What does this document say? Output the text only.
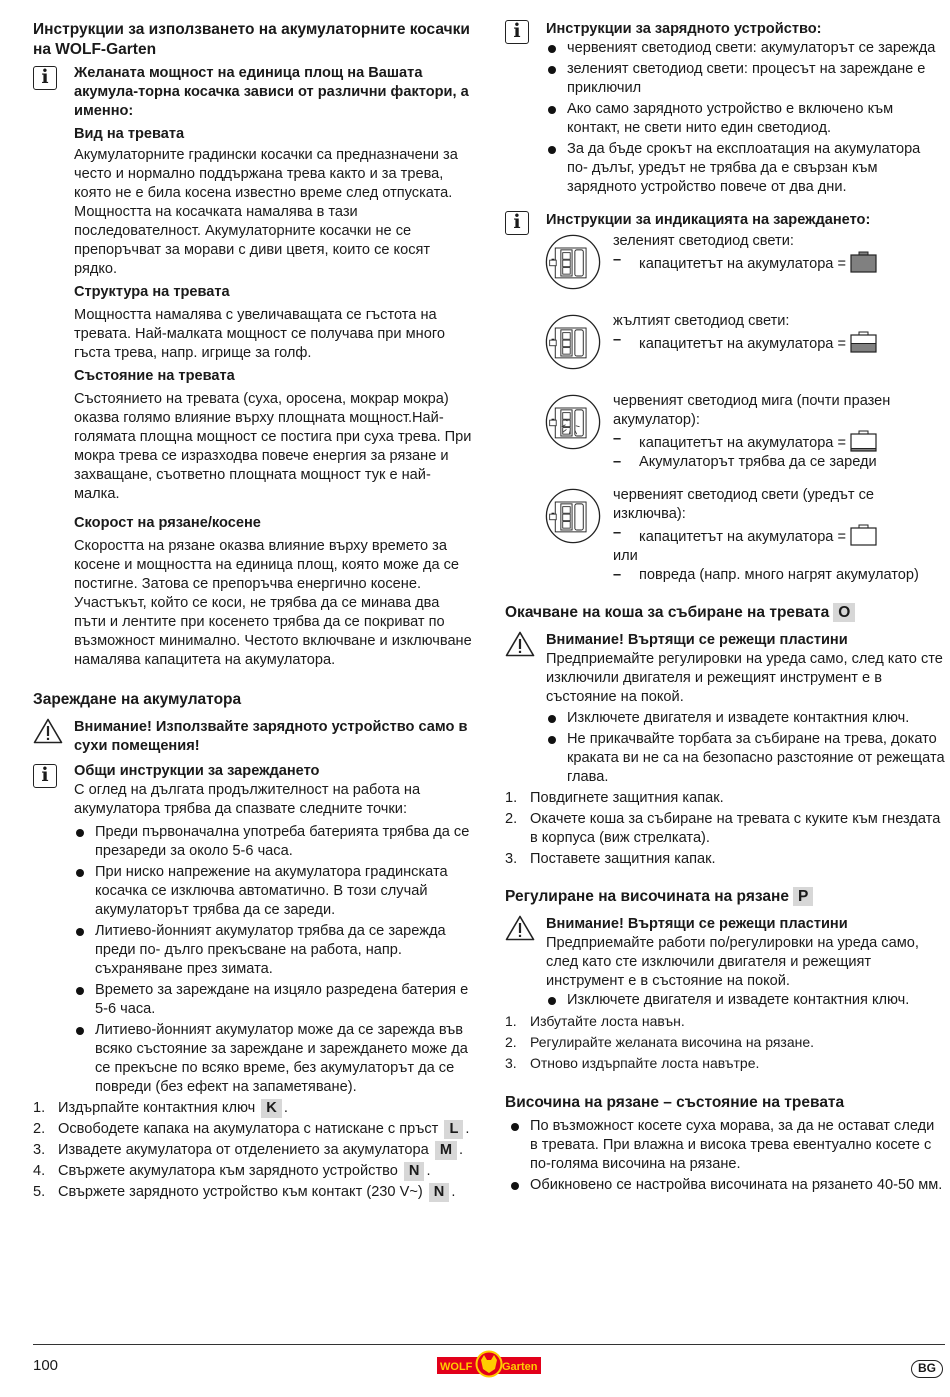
Инструкции за използването на акумулаторните косачки на WOLF-Garten

i	Желаната мощност на единица площ на Вашата акумула-торна косачка зависи от различни фактори, а именно:

Вид на тревата

Акумулаторните градински косачки са предназначени за често и нормално поддържана трева както и за трева, която не е била косена известно време след отпуската. Мощността на косачката намалява в тази последователност. Акумулаторните косачки не се препоръчват за морави с диви цветя, които се косят рядко.

Структура на тревата

Мощността намалява с увеличаващата се гъстота на тревата. Най-малката мощност се получава при много гъста трева, напр. игрище за голф.

Състояние на тревата

Състоянието на тревата (суха, оросена, мокрар мокра) оказва голямо влияние върху площната мощност.Най-голямата площна мощност се постига при суха трева. При мокра трева се изразходва повече енергия за рязане и захващане, съответно площната мощност тук е най-малка.

Скорост на рязане/косене

Скоростта на рязане оказва влияние върху времето за косене и мощността на единица площ, която може да се постигне. Затова се препоръчва енергично косене. Участъкът, който се коси, не трябва да се минава два пъти и лентите при косенето трябва да се покриват по възможност минимално. Честото включване и изключване намалява капацитета на акумулатора.

Зареждане на акумулатора

Внимание! Използвайте зарядното устройство само в сухи помещения!

i	Общи инструкции за зареждането

С оглед на дългата продължителност на работа на акумулатора трябва да спазвате следните точки:

Преди първоначална употреба батерията трябва да се презареди за около 5-6 часа.
При ниско напрежение на акумулатора градинската косачка се изключва автоматично. В този случай акумулаторът трябва да се зареди.
Литиево-йонният акумулатор трябва да се зарежда преди по- дълго прекъсване на работа, напр. съхраняване през зимата.
Времето за зареждане на изцяло разредена батерия е 5-6 часа.
Литиево-йонният акумулатор може да се зарежда във всяко състояние за зареждане и зареждането може да се прекъсне по всяко време, без акумулаторът да се повреди (без ефект на запаметяване).
1. Издърпайте контактния ключ K .
2. Освободете капака на акумулатора с натискане с пръст L .
3. Извадете акумулатора от отделението за акумулатора M .
4. Свържете акумулатора към зарядното устройство N .
5. Свържете зарядното устройство към контакт (230 V~) N .
i	Инструкции за зарядното устройство:

червеният светодиод свети: акумулаторът се зарежда
зеленият светодиод свети: процесът на зареждане е приключил
Ако само зарядното устройство е включено към контакт, не свети нито един светодиод.
За да бъде срокът на експлоатация на акумулатора по- дълъг, уредът не трябва да е свързан към зарядното устройство повече от два дни.
i	Инструкции за индикацията на зареждането:

зеленият светодиод свети:

– капацитетът на акумулатора =

жълтият светодиод свети:

– капацитетът на акумулатора =

червеният светодиод мига (почти празен акумулатор):

– капацитетът на акумулатора =

– Акумулаторът трябва да се зареди

червеният светодиод свети (уредът се изключва):

– капацитетът на акумулатора =

или

– повреда (напр. много нагрят акумулатор)

Окачване на коша за събиране на тревата O

Внимание! Въртящи се режещи пластини

Предприемайте регулировки на уреда само, след като сте изключили двигателя и режещият инструмент е в състояние на покой.

Изключете двигателя и извадете контактния ключ.
Не прикачвайте торбата за събиране на трева, докато краката ви не са на безопасно разстояние от режещата глава.
1. Повдигнете защитния капак.
2. Окачете коша за събиране на тревата с куките към гнездата в корпуса (виж стрелката).
3. Поставете защитния капак.

Регулиране на височината на рязане P

Внимание! Въртящи се режещи пластини

Предприемайте работи по/регулировки на уреда само, след като сте изключили двигателя и режещият инструмент е в състояние на покой.

Изключете двигателя и извадете контактния ключ.
1. Избутайте лоста навън.
2. Регулирайте желаната височина на рязане.
3. Отново издърпайте лоста навътре.

Височина на рязане – състояние на тревата

По възможност косете суха морава, за да не остават следи в тревата. При влажна и висока трева евентуално косете с по-голяма височина на рязане.
Обикновено се настройва височината на рязането 40-50 мм.
100	WOLF	Garten	BG
